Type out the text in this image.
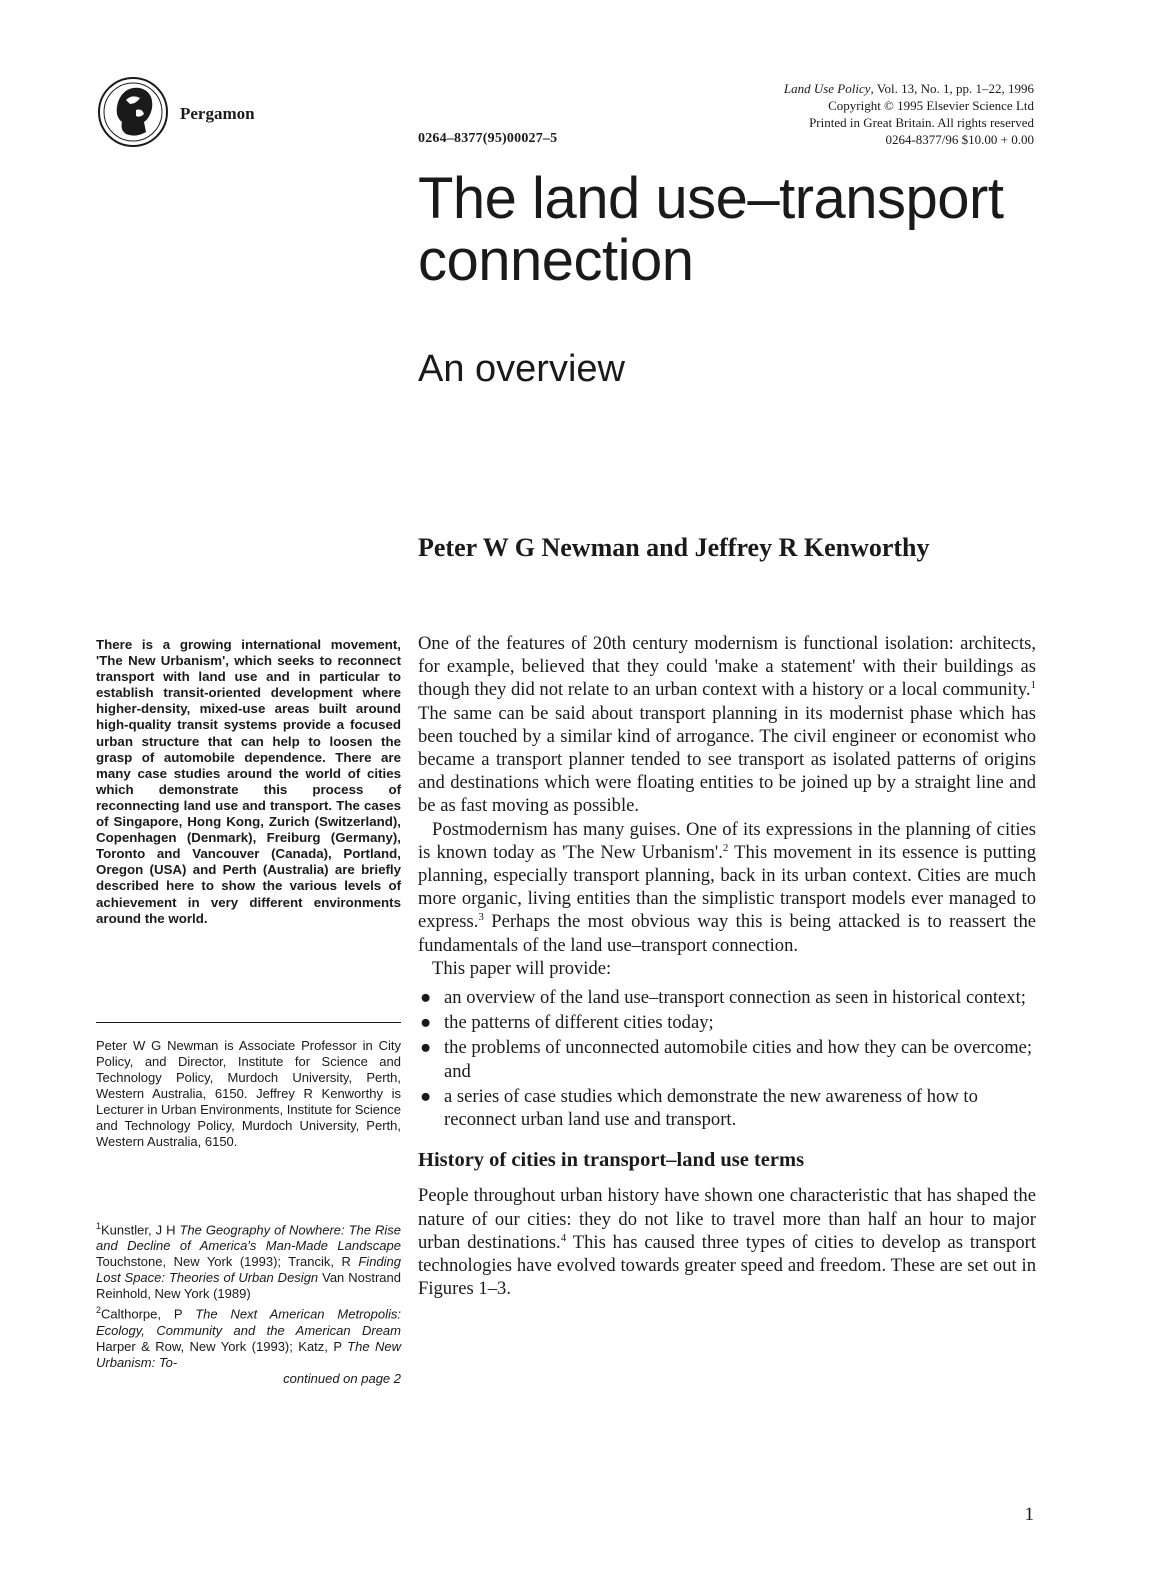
Pergamon
0264–8377(95)00027–5
Land Use Policy, Vol. 13, No. 1, pp. 1–22, 1996
Copyright © 1995 Elsevier Science Ltd
Printed in Great Britain. All rights reserved
0264-8377/96 $10.00 + 0.00
The land use–transport connection
An overview
Peter W G Newman and Jeffrey R Kenworthy

There is a growing international movement, 'The New Urbanism', which seeks to reconnect transport with land use and in particular to establish transit-oriented development where higher-density, mixed-use areas built around high-quality transit systems provide a focused urban structure that can help to loosen the grasp of automobile dependence. There are many case studies around the world of cities which demonstrate this process of reconnecting land use and transport. The cases of Singapore, Hong Kong, Zurich (Switzerland), Copenhagen (Denmark), Freiburg (Germany), Toronto and Vancouver (Canada), Portland, Oregon (USA) and Perth (Australia) are briefly described here to show the various levels of achievement in very different environments around the world.

Peter W G Newman is Associate Professor in City Policy, and Director, Institute for Science and Technology Policy, Murdoch University, Perth, Western Australia, 6150. Jeffrey R Kenworthy is Lecturer in Urban Environments, Institute for Science and Technology Policy, Murdoch University, Perth, Western Australia, 6150.

$^1$Kunstler, J H The Geography of Nowhere: The Rise and Decline of America's Man-Made Landscape Touchstone, New York (1993); Trancik, R Finding Lost Space: Theories of Urban Design Van Nostrand Reinhold, New York (1989)

$^2$Calthorpe, P The Next American Metropolis: Ecology, Community and the American Dream Harper & Row, New York (1993); Katz, P The New Urbanism: To-
continued on page 2

One of the features of 20th century modernism is functional isolation: architects, for example, believed that they could 'make a statement' with their buildings as though they did not relate to an urban context with a history or a local community.$^1$ The same can be said about transport planning in its modernist phase which has been touched by a similar kind of arrogance. The civil engineer or economist who became a transport planner tended to see transport as isolated patterns of origins and destinations which were floating entities to be joined up by a straight line and be as fast moving as possible.

Postmodernism has many guises. One of its expressions in the planning of cities is known today as 'The New Urbanism'.$^2$ This movement in its essence is putting planning, especially transport planning, back in its urban context. Cities are much more organic, living entities than the simplistic transport models ever managed to express.$^3$ Perhaps the most obvious way this is being attacked is to reassert the fundamentals of the land use–transport connection.

This paper will provide:

● an overview of the land use–transport connection as seen in historical context;
● the patterns of different cities today;
● the problems of unconnected automobile cities and how they can be overcome; and
● a series of case studies which demonstrate the new awareness of how to reconnect urban land use and transport.
History of cities in transport–land use terms

People throughout urban history have shown one characteristic that has shaped the nature of our cities: they do not like to travel more than half an hour to major urban destinations.$^4$ This has caused three types of cities to develop as transport technologies have evolved towards greater speed and freedom. These are set out in Figures 1–3.

1
